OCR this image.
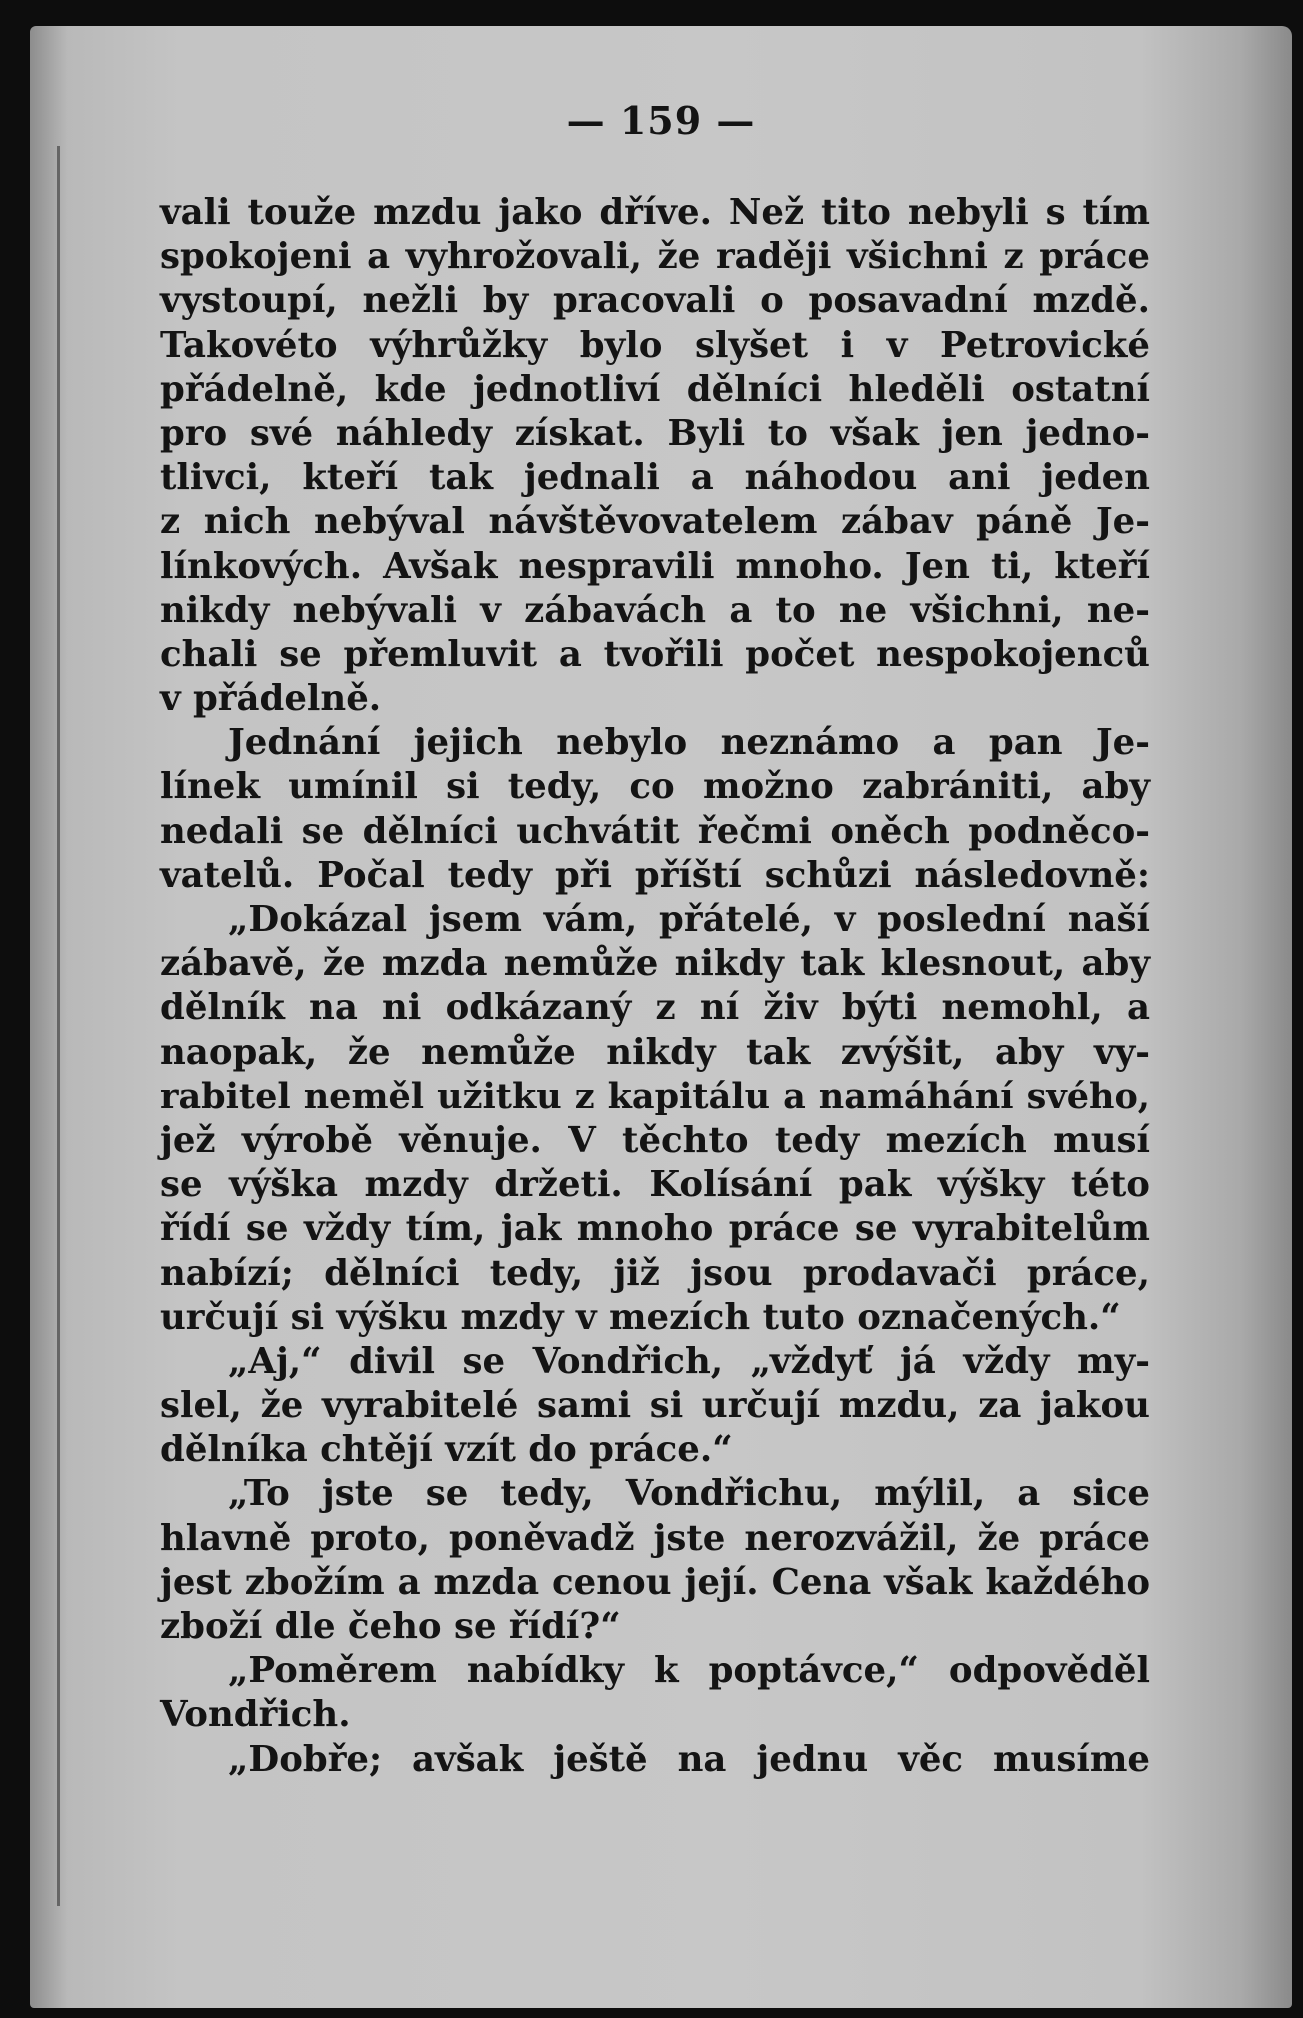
— 159 —
vali touže mzdu jako dříve. Než tito nebyli s tím
spokojeni a vyhrožovali, že raději všichni z práce
vystoupí, nežli by pracovali o posavadní mzdě.
Takovéto výhrůžky bylo slyšet i v Petrovické
přádelně, kde jednotliví dělníci hleděli ostatní
pro své náhledy získat. Byli to však jen jedno-
tlivci, kteří tak jednali a náhodou ani jeden
z nich nebýval návštěvovatelem zábav páně Je-
línkových. Avšak nespravili mnoho. Jen ti, kteří
nikdy nebývali v zábavách a to ne všichni, ne-
chali se přemluvit a tvořili počet nespokojenců
v přádelně.
Jednání jejich nebylo neznámo a pan Je-
línek umínil si tedy, co možno zabrániti, aby
nedali se dělníci uchvátit řečmi oněch podněco-
vatelů. Počal tedy při příští schůzi následovně:
„Dokázal jsem vám, přátelé, v poslední naší
zábavě, že mzda nemůže nikdy tak klesnout, aby
dělník na ni odkázaný z ní živ býti nemohl, a
naopak, že nemůže nikdy tak zvýšit, aby vy-
rabitel neměl užitku z kapitálu a namáhání svého,
jež výrobě věnuje. V těchto tedy mezích musí
se výška mzdy držeti. Kolísání pak výšky této
řídí se vždy tím, jak mnoho práce se vyrabitelům
nabízí; dělníci tedy, již jsou prodavači práce,
určují si výšku mzdy v mezích tuto označených.“
„Aj,“ divil se Vondřich, „vždyť já vždy my-
slel, že vyrabitelé sami si určují mzdu, za jakou
dělníka chtějí vzít do práce.“
„To jste se tedy, Vondřichu, mýlil, a sice
hlavně proto, poněvadž jste nerozvážil, že práce
jest zbožím a mzda cenou její. Cena však každého
zboží dle čeho se řídí?“
„Poměrem nabídky k poptávce,“ odpověděl
Vondřich.
„Dobře; avšak ještě na jednu věc musíme
